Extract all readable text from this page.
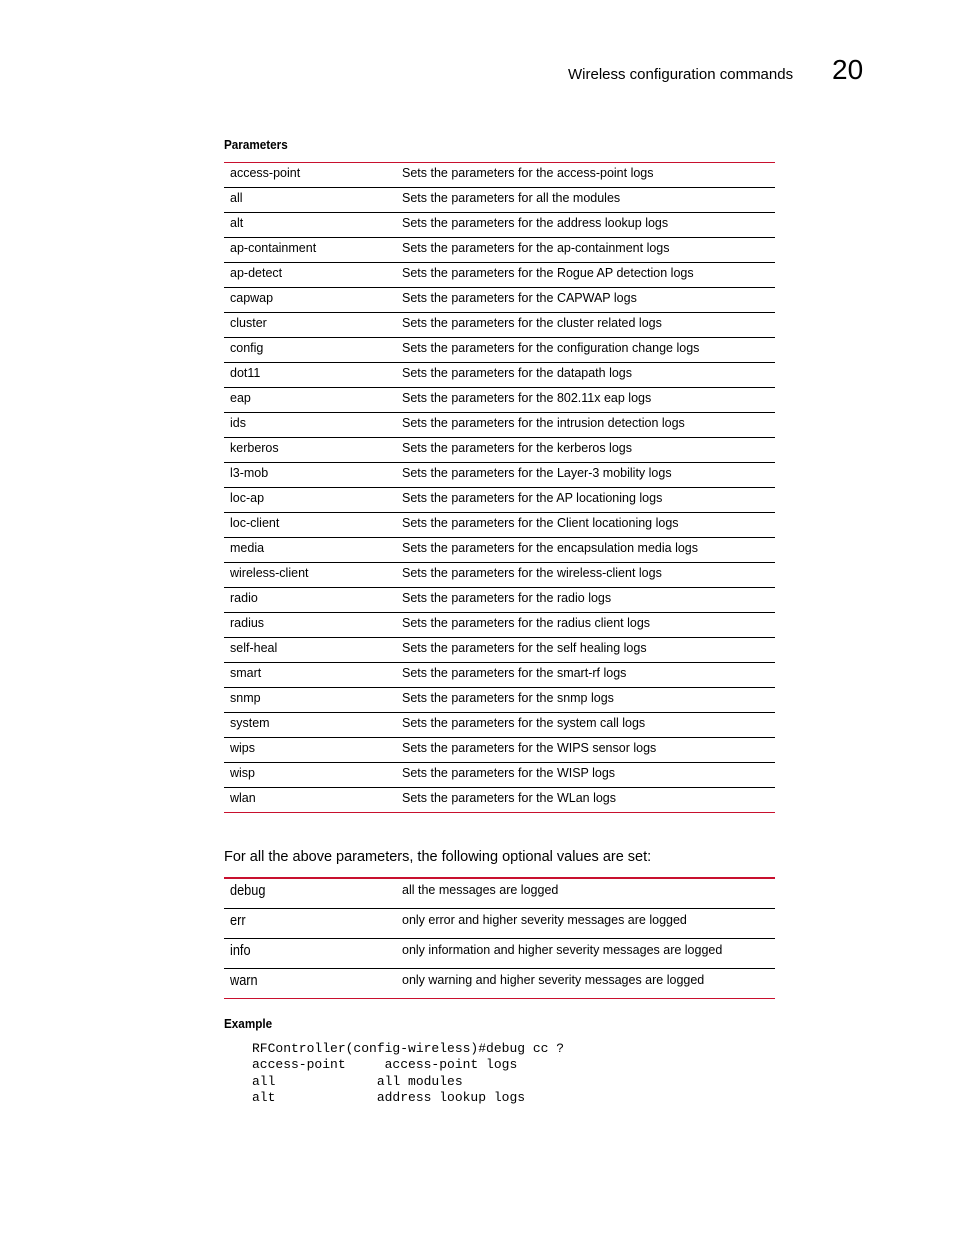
Wireless configuration commands 20
Parameters
access-point	Sets the parameters for the access-point logs
all	Sets the parameters for all the modules
alt	Sets the parameters for the address lookup logs
ap-containment	Sets the parameters for the ap-containment logs
ap-detect	Sets the parameters for the Rogue AP detection logs
capwap	Sets the parameters for the CAPWAP logs
cluster	Sets the parameters for the cluster related logs
config	Sets the parameters for the configuration change logs
dot11	Sets the parameters for the datapath logs
eap	Sets the parameters for the 802.11x eap logs
ids	Sets the parameters for the intrusion detection logs
kerberos	Sets the parameters for the kerberos logs
l3-mob	Sets the parameters for the Layer-3 mobility logs
loc-ap	Sets the parameters for the AP locationing logs
loc-client	Sets the parameters for the Client locationing logs
media	Sets the parameters for the encapsulation media logs
wireless-client	Sets the parameters for the wireless-client logs
radio	Sets the parameters for the radio logs
radius	Sets the parameters for the radius client logs
self-heal	Sets the parameters for the self healing logs
smart	Sets the parameters for the smart-rf logs
snmp	Sets the parameters for the snmp logs
system	Sets the parameters for the system call logs
wips	Sets the parameters for the WIPS sensor logs
wisp	Sets the parameters for the WISP logs
wlan	Sets the parameters for the WLan logs
For all the above parameters, the following optional values are set:
debug	all the messages are logged
err	only error and higher severity messages are logged
info	only information and higher severity messages are logged
warn	only warning and higher severity messages are logged
Example
RFController(config-wireless)#debug cc ?
access-point     access-point logs
all             all modules
alt             address lookup logs
